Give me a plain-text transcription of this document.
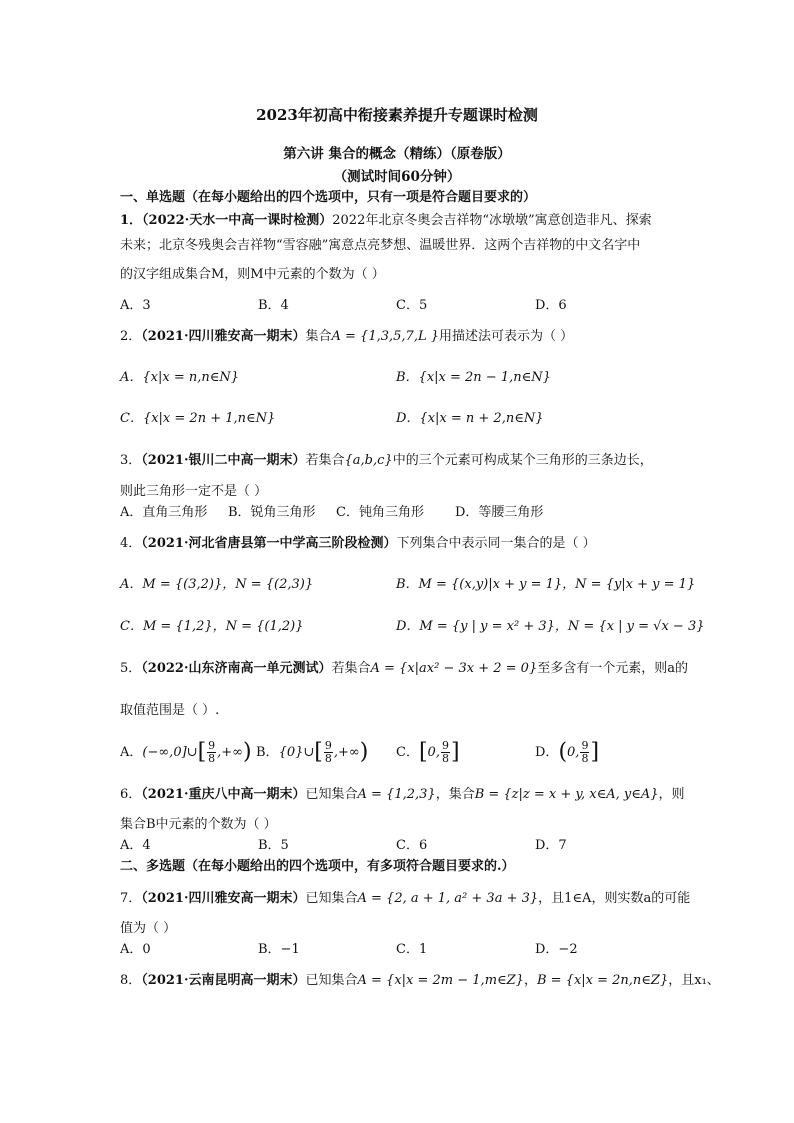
2023年初高中衔接素养提升专题课时检测
第六讲 集合的概念（精练）（原卷版）
（测试时间60分钟）
一、单选题（在每小题给出的四个选项中，只有一项是符合题目要求的）
1．（2022·天水一中高一课时检测）2022年北京冬奥会吉祥物“冰墩墩”寓意创造非凡、探索
未来；北京冬残奥会吉祥物“雪容融”寓意点亮梦想、温暖世界．这两个吉祥物的中文名字中
的汉字组成集合M，则M中元素的个数为（ ）
A．3	B．4	C．5	D．6
2．（2021·四川雅安高一期末）集合A = {1,3,5,7,L }用描述法可表示为（ ）
A．{x|x = n,n∈N}	B．{x|x = 2n − 1,n∈N}
C．{x|x = 2n + 1,n∈N}	D．{x|x = n + 2,n∈N}
3．（2021·银川二中高一期末）若集合{a,b,c}中的三个元素可构成某个三角形的三条边长，
则此三角形一定不是（ ）
A．直角三角形 B．锐角三角形 C．钝角三角形 D．等腰三角形
4．（2021·河北省唐县第一中学高三阶段检测）下列集合中表示同一集合的是（ ）
A．M = {(3,2)}，N = {(2,3)}	B．M = {(x,y)|x + y = 1}，N = {y|x + y = 1}
C．M = {1,2}，N = {(1,2)}	D．M = {y | y = x² + 3}，N = {x | y = √x − 3}
5．（2022·山东济南高一单元测试）若集合A = {x|ax² − 3x + 2 = 0}至多含有一个元素，则a的
取值范围是（ ）.
A．(−∞,0]∪[ $\frac{9}{8}$ ,+∞) B．{0}∪[ $\frac{9}{8}$ ,+∞) C．[0, $\frac{9}{8}$ ]	D．(0, $\frac{9}{8}$ ]
6．（2021·重庆八中高一期末）已知集合A = {1,2,3}，集合B = {z|z = x + y, x∈A, y∈A}，则
集合B中元素的个数为（ ）
A．4	B．5	C．6	D．7
二、多选题（在每小题给出的四个选项中，有多项符合题目要求的.）
7．（2021·四川雅安高一期末）已知集合A = {2, a + 1, a² + 3a + 3}，且1∈A，则实数a的可能
值为（ ）
A．0	B．−1	C．1	D．−2
8．（2021·云南昆明高一期末）已知集合A = {x|x = 2m − 1,m∈Z}，B = {x|x = 2n,n∈Z}，且x₁、
